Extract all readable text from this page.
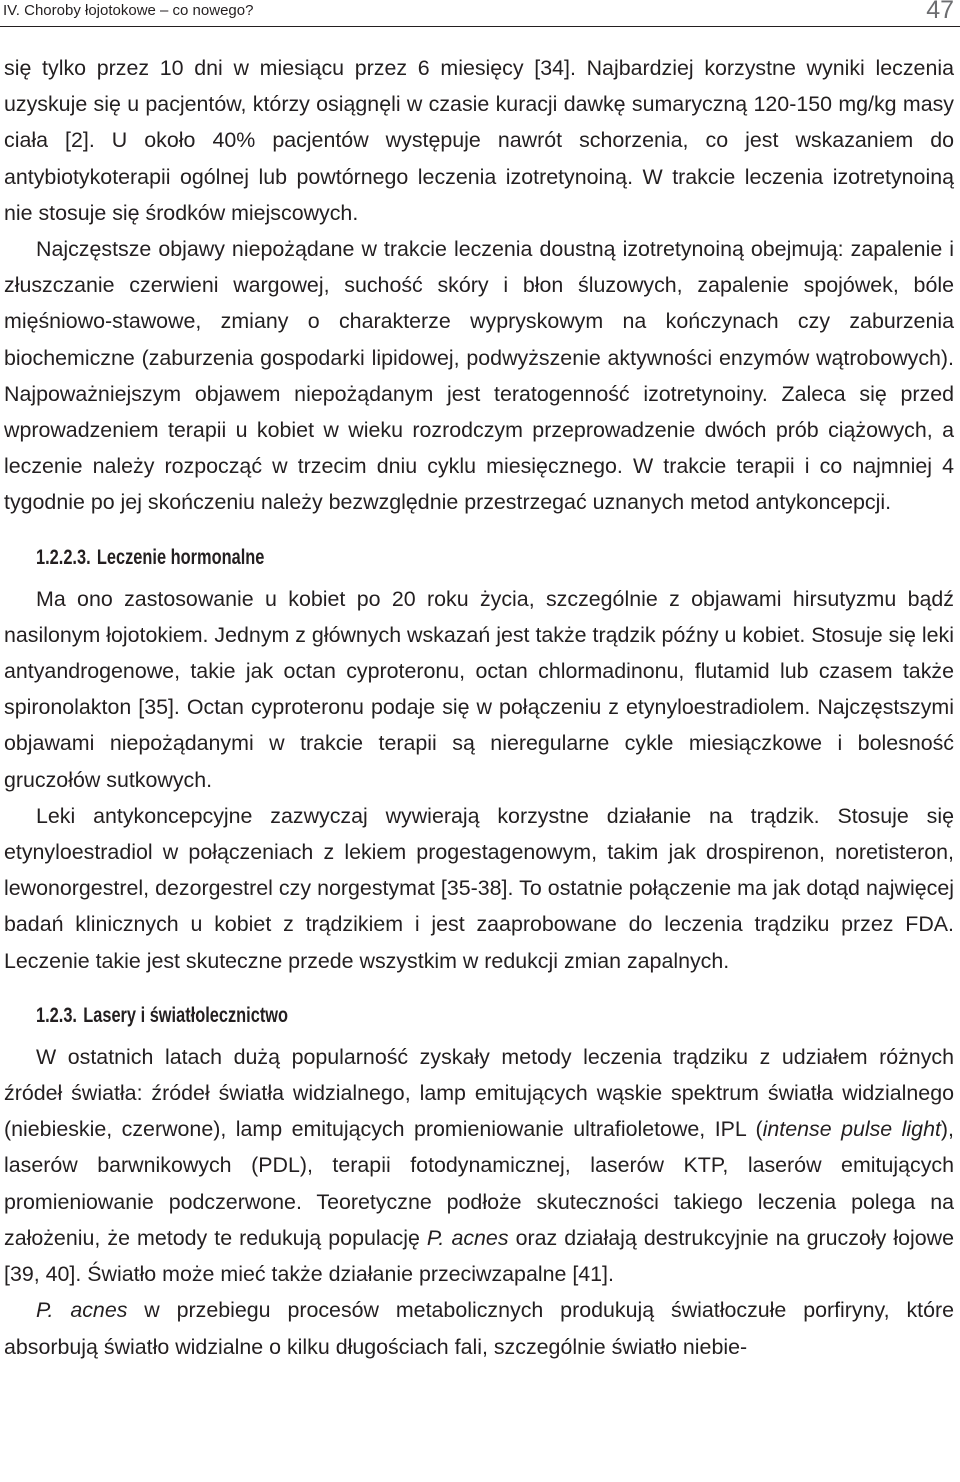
IV. Choroby łojotokowe – co nowego?	47

się tylko przez 10 dni w miesiącu przez 6 miesięcy [34]. Najbardziej korzystne wyniki leczenia uzyskuje się u pacjentów, którzy osiągnęli w czasie kuracji dawkę sumaryczną 120-150 mg/kg masy ciała [2]. U około 40% pacjentów występuje nawrót schorzenia, co jest wskazaniem do antybiotykoterapii ogólnej lub powtórnego leczenia izotretynoiną. W trakcie leczenia izotretynoiną nie stosuje się środków miejscowych.

Najczęstsze objawy niepożądane w trakcie leczenia doustną izotretynoiną obejmują: zapalenie i złuszczanie czerwieni wargowej, suchość skóry i błon śluzowych, zapalenie spojówek, bóle mięśniowo-stawowe, zmiany o charakterze wypryskowym na kończynach czy zaburzenia biochemiczne (zaburzenia gospodarki lipidowej, podwyższenie aktywności enzymów wątrobowych). Najpoważniejszym objawem niepożądanym jest teratogenność izotretynoiny. Zaleca się przed wprowadzeniem terapii u kobiet w wieku rozrodczym przeprowadzenie dwóch prób ciążowych, a leczenie należy rozpocząć w trzecim dniu cyklu miesięcznego. W trakcie terapii i co najmniej 4 tygodnie po jej skończeniu należy bezwzględnie przestrzegać uznanych metod antykoncepcji.

1.2.2.3. Leczenie hormonalne

Ma ono zastosowanie u kobiet po 20 roku życia, szczególnie z objawami hirsutyzmu bądź nasilonym łojotokiem. Jednym z głównych wskazań jest także trądzik późny u kobiet. Stosuje się leki antyandrogenowe, takie jak octan cyproteronu, octan chlormadinonu, flutamid lub czasem także spironolakton [35]. Octan cyproteronu podaje się w połączeniu z etynyloestradiolem. Najczęstszymi objawami niepożądanymi w trakcie terapii są nieregularne cykle miesiączkowe i bolesność gruczołów sutkowych.

Leki antykoncepcyjne zazwyczaj wywierają korzystne działanie na trądzik. Stosuje się etynyloestradiol w połączeniach z lekiem progestagenowym, takim jak drospirenon, noretisteron, lewonorgestrel, dezorgestrel czy norgestymat [35-38]. To ostatnie połączenie ma jak dotąd najwięcej badań klinicznych u kobiet z trądzikiem i jest zaaprobowane do leczenia trądziku przez FDA. Leczenie takie jest skuteczne przede wszystkim w redukcji zmian zapalnych.

1.2.3. Lasery i światłolecznictwo

W ostatnich latach dużą popularność zyskały metody leczenia trądziku z udziałem różnych źródeł światła: źródeł światła widzialnego, lamp emitujących wąskie spektrum światła widzialnego (niebieskie, czerwone), lamp emitujących promieniowanie ultrafioletowe, IPL (intense pulse light), laserów barwnikowych (PDL), terapii fotodynamicznej, laserów KTP, laserów emitujących promieniowanie podczerwone. Teoretyczne podłoże skuteczności takiego leczenia polega na założeniu, że metody te redukują populację P. acnes oraz działają destrukcyjnie na gruczoły łojowe [39, 40]. Światło może mieć także działanie przeciwzapalne [41].

P. acnes w przebiegu procesów metabolicznych produkują światłoczułe porfiryny, które absorbują światło widzialne o kilku długościach fali, szczególnie światło niebie-
